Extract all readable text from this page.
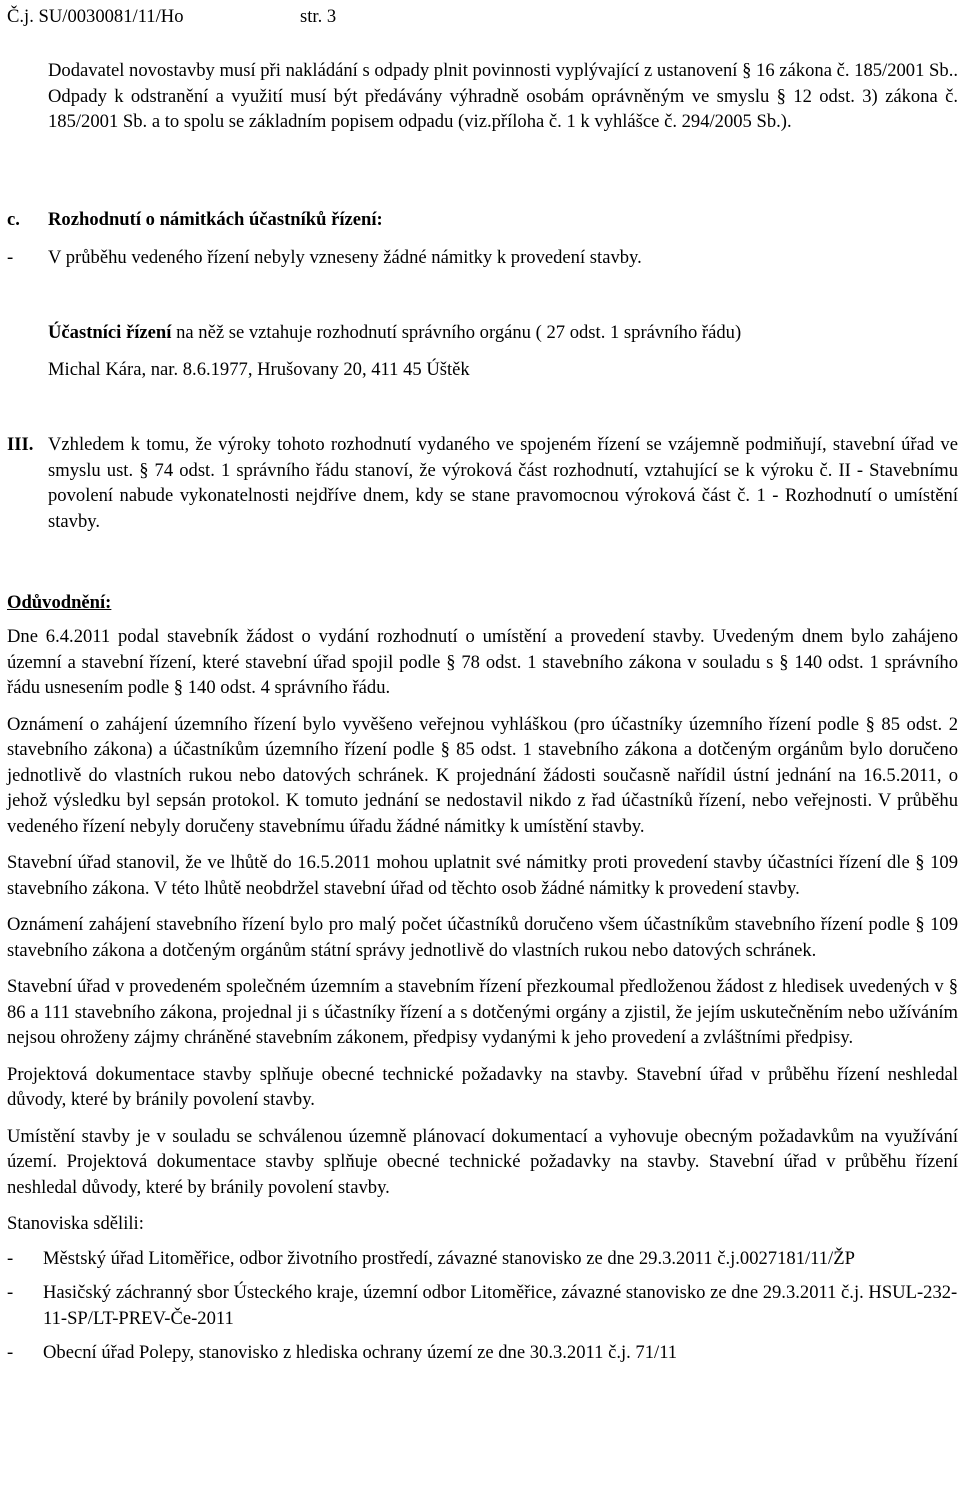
Č.j. SU/0030081/11/Ho	str. 3

Dodavatel novostavby musí při nakládání s odpady plnit povinnosti vyplývající z ustanovení § 16 zákona č. 185/2001 Sb.. Odpady k odstranění a využití musí být předávány výhradně osobám oprávněným ve smyslu § 12 odst. 3) zákona č. 185/2001 Sb. a to spolu se základním popisem odpadu (viz.příloha č. 1 k vyhlášce č. 294/2005 Sb.).

c. Rozhodnutí o námitkách účastníků řízení:
- V průběhu vedeného řízení nebyly vzneseny žádné námitky k provedení stavby.
Účastníci řízení na něž se vztahuje rozhodnutí správního orgánu ( 27 odst. 1 správního řádu)
Michal Kára, nar. 8.6.1977, Hrušovany 20, 411 45 Úštěk
III. Vzhledem k tomu, že výroky tohoto rozhodnutí vydaného ve spojeném řízení se vzájemně podmiňují, stavební úřad ve smyslu ust. § 74 odst. 1 správního řádu stanoví, že výroková část rozhodnutí, vztahující se k výroku č. II - Stavebnímu povolení nabude vykonatelnosti nejdříve dnem, kdy se stane pravomocnou výroková část č. 1 - Rozhodnutí o umístění stavby.

Odůvodnění:

Dne 6.4.2011 podal stavebník žádost o vydání rozhodnutí o umístění a provedení stavby. Uvedeným dnem bylo zahájeno územní a stavební řízení, které stavební úřad spojil podle § 78 odst. 1 stavebního zákona v souladu s § 140 odst. 1 správního řádu usnesením podle § 140 odst. 4 správního řádu.

Oznámení o zahájení územního řízení bylo vyvěšeno veřejnou vyhláškou (pro účastníky územního řízení podle § 85 odst. 2 stavebního zákona) a účastníkům územního řízení podle § 85 odst. 1 stavebního zákona a dotčeným orgánům bylo doručeno jednotlivě do vlastních rukou nebo datových schránek. K projednání žádosti současně nařídil ústní jednání na 16.5.2011, o jehož výsledku byl sepsán protokol. K tomuto jednání se nedostavil nikdo z řad účastníků řízení, nebo veřejnosti. V průběhu vedeného řízení nebyly doručeny stavebnímu úřadu žádné námitky k umístění stavby.

Stavební úřad stanovil, že ve lhůtě do 16.5.2011 mohou uplatnit své námitky proti provedení stavby účastníci řízení dle § 109 stavebního zákona. V této lhůtě neobdržel stavební úřad od těchto osob žádné námitky k provedení stavby.

Oznámení zahájení stavebního řízení bylo pro malý počet účastníků doručeno všem účastníkům stavebního řízení podle § 109 stavebního zákona a dotčeným orgánům státní správy jednotlivě do vlastních rukou nebo datových schránek.

Stavební úřad v provedeném společném územním a stavebním řízení přezkoumal předloženou žádost z hledisek uvedených v § 86 a 111 stavebního zákona, projednal ji s účastníky řízení a s dotčenými orgány a zjistil, že jejím uskutečněním nebo užíváním nejsou ohroženy zájmy chráněné stavebním zákonem, předpisy vydanými k jeho provedení a zvláštními předpisy.

Projektová dokumentace stavby splňuje obecné technické požadavky na stavby. Stavební úřad v průběhu řízení neshledal důvody, které by bránily povolení stavby.

Umístění stavby je v souladu se schválenou územně plánovací dokumentací a vyhovuje obecným požadavkům na využívání území. Projektová dokumentace stavby splňuje obecné technické požadavky na stavby. Stavební úřad v průběhu řízení neshledal důvody, které by bránily povolení stavby.

Stanoviska sdělili:

-	Městský úřad Litoměřice, odbor životního prostředí, závazné stanovisko ze dne 29.3.2011 č.j.0027181/11/ŽP
-	Hasičský záchranný sbor Ústeckého kraje, územní odbor Litoměřice, závazné stanovisko ze dne 29.3.2011 č.j. HSUL-232-11-SP/LT-PREV-Če-2011
-	Obecní úřad Polepy, stanovisko z hlediska ochrany území ze dne 30.3.2011 č.j. 71/11
